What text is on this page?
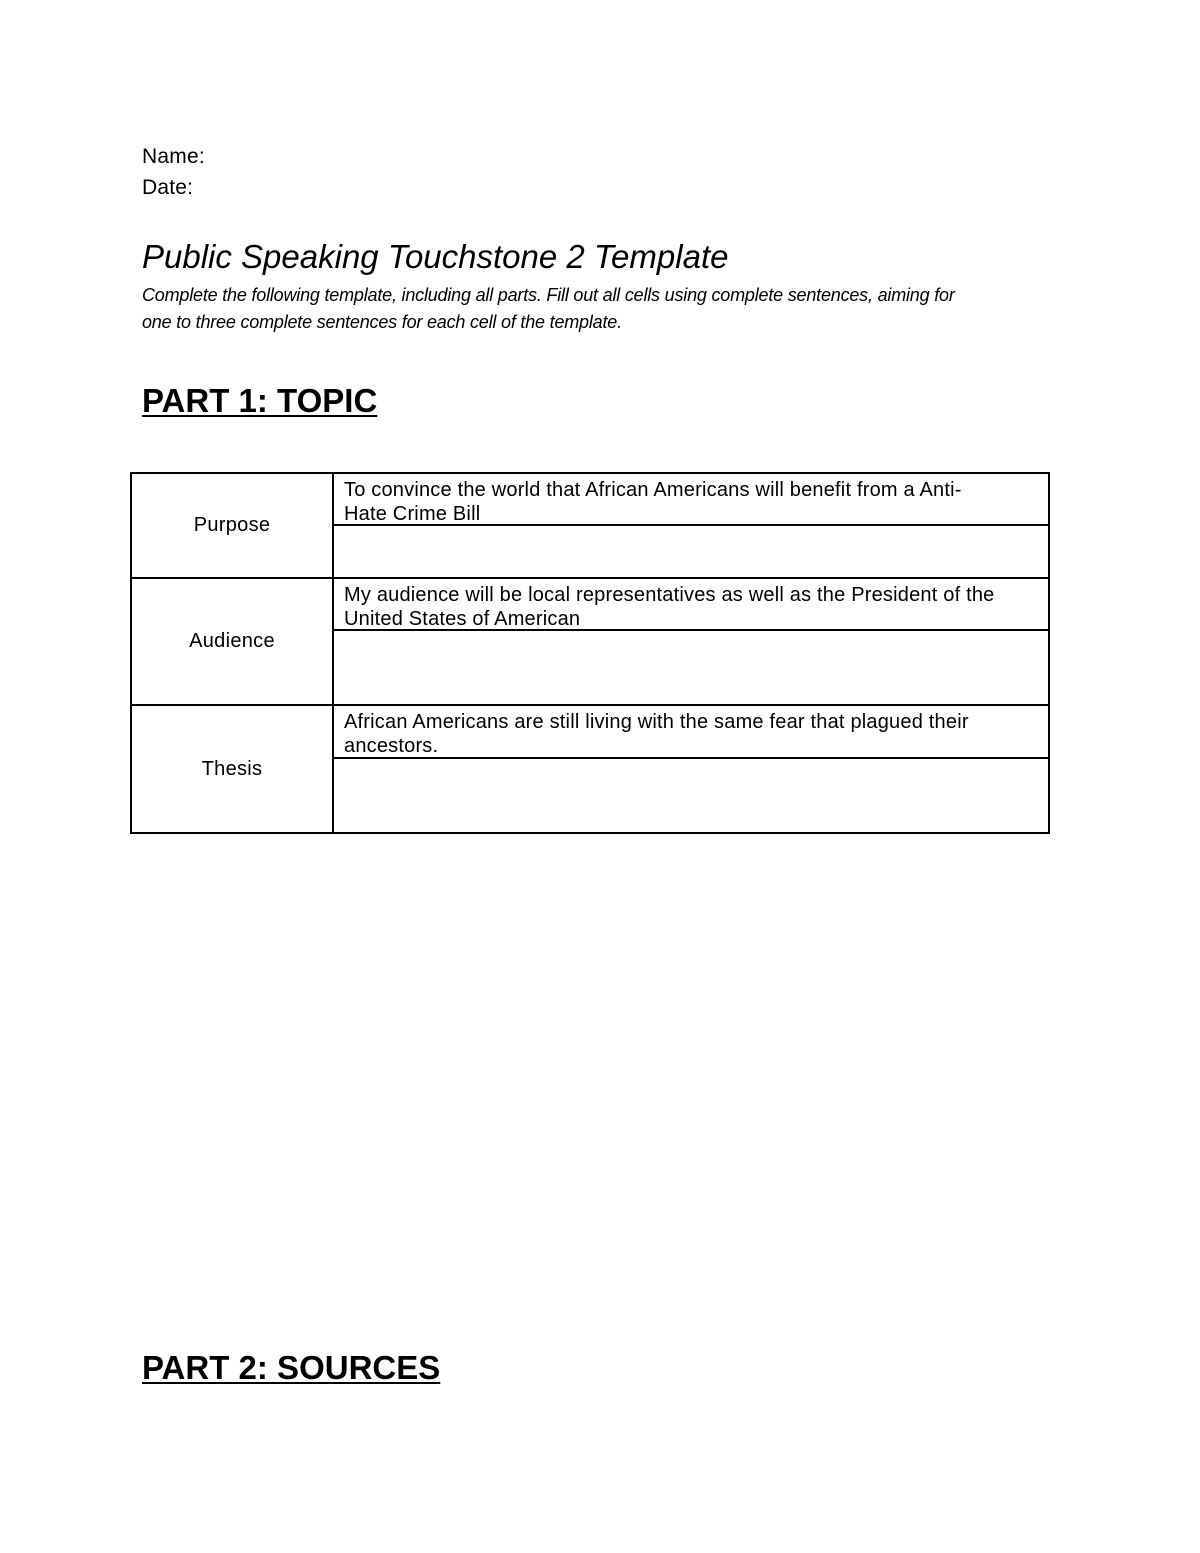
Name:
Date:
Public Speaking Touchstone 2 Template
Complete the following template, including all parts. Fill out all cells using complete sentences, aiming for
one to three complete sentences for each cell of the template.
PART 1: TOPIC
Purpose
To convince the world that African Americans will benefit from a Anti-
Hate Crime Bill
Audience
My audience will be local representatives as well as the President of the
United States of American
Thesis
African Americans are still living with the same fear that plagued their
ancestors.
PART 2: SOURCES
